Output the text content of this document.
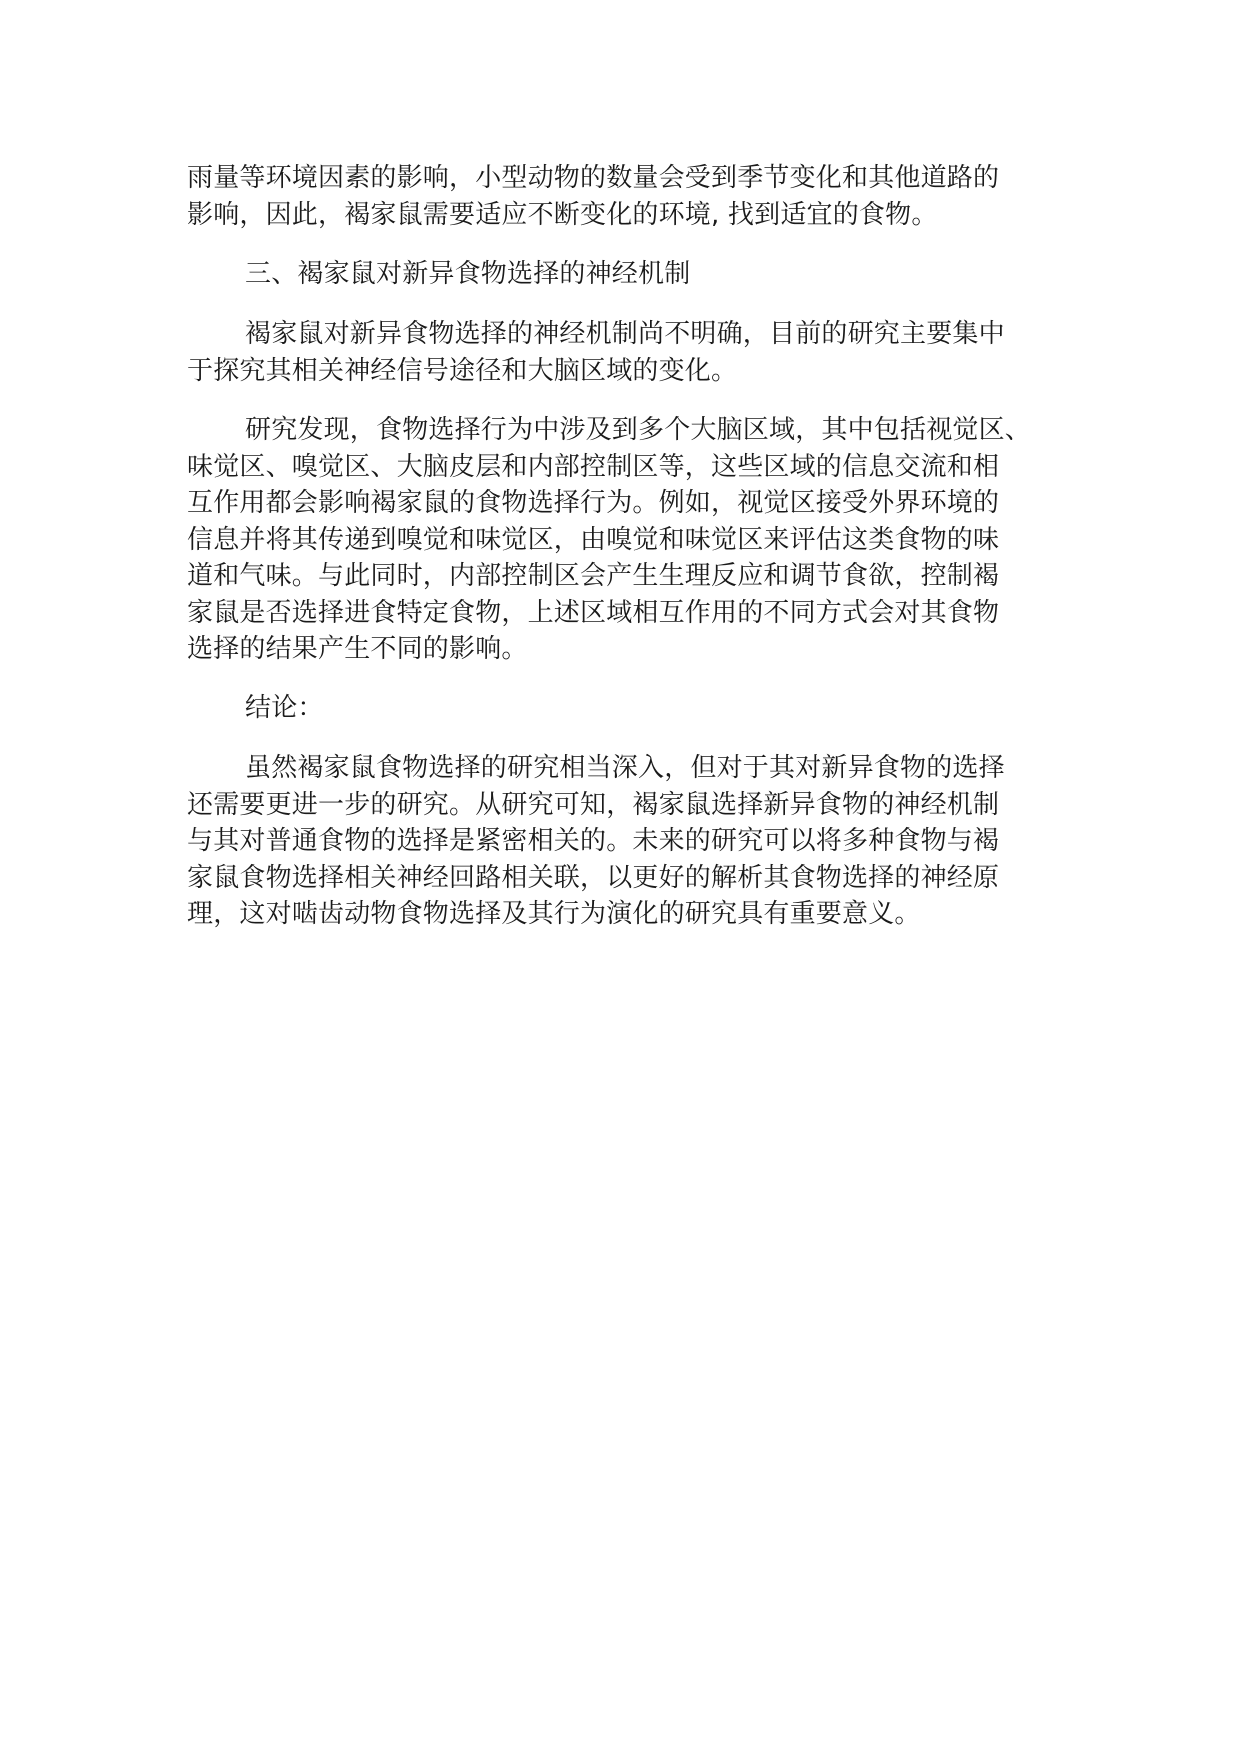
雨量等环境因素的影响，小型动物的数量会受到季节变化和其他道路的
影响，因此，褐家鼠需要适应不断变化的环境, 找到适宜的食物。
三、褐家鼠对新异食物选择的神经机制
褐家鼠对新异食物选择的神经机制尚不明确，目前的研究主要集中
于探究其相关神经信号途径和大脑区域的变化。
研究发现，食物选择行为中涉及到多个大脑区域，其中包括视觉区、
味觉区、嗅觉区、大脑皮层和内部控制区等，这些区域的信息交流和相
互作用都会影响褐家鼠的食物选择行为。例如，视觉区接受外界环境的
信息并将其传递到嗅觉和味觉区，由嗅觉和味觉区来评估这类食物的味
道和气味。与此同时，内部控制区会产生生理反应和调节食欲，控制褐
家鼠是否选择进食特定食物，上述区域相互作用的不同方式会对其食物
选择的结果产生不同的影响。
结论：
虽然褐家鼠食物选择的研究相当深入，但对于其对新异食物的选择
还需要更进一步的研究。从研究可知，褐家鼠选择新异食物的神经机制
与其对普通食物的选择是紧密相关的。未来的研究可以将多种食物与褐
家鼠食物选择相关神经回路相关联，以更好的解析其食物选择的神经原
理，这对啮齿动物食物选择及其行为演化的研究具有重要意义。
